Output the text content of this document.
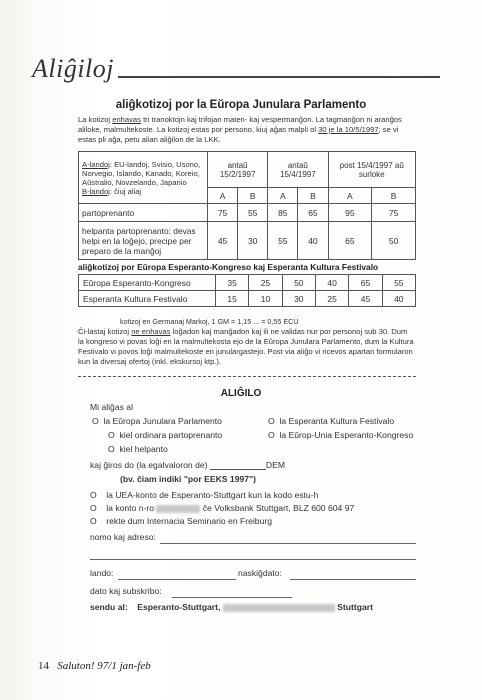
Aliĝiloj
aliĝkotizoj por la Eŭropa Junulara Parlamento
La kotizoj enhavas tri tranoktojn kaj trifojan maten- kaj vespermanĝon. La tagmanĝon ni aranĝos aliloke, malmultekoste. La kotizoj estas por persono, kiuj aĝas malpli ol 30 je la 10/5/1997; se vi estas pli aĝa, petu alian aliĝilon de la LKK.
A-landoj: EU-landoj, Svisio, Usono, Norvegio, Islando, Kanado, Koreio, Aŭstralio, Novzelando, Japanio
B-landoj: ĉiuj aliaj	antaŭ 15/2/1997		antaŭ 15/4/1997		post 15/4/1997 aŭ surloke	
	A	B	A	B	A	B
partoprenanto	75	55	85	65	95	75
helpanta partoprenanto: devas helpi en la loĝejo, precipe per preparo de la manĝoj	45	30	55	40	65	50
aliĝkotizoj por Eŭropa Esperanto-Kongreso kaj Esperanta Kultura Festivalo
Eŭropa Esperanto-Kongreso	35	25	50	40	65	55
Esperanta Kultura Festivalo	15	10	30	25	45	40
kotizoj en Germanaj Markoj, 1 GM = 1,15 ... = 0,55 ECU
Ĉi-lastaj kotizoj ne enhavas loĝadon kaj manĝadon kaj ili ne validas nur por personoj sub 30. Dum la kongreso vi povas loĝi en la malmultekosta ejo de la Eŭropa Junulara Parlamento, dum la Kultura Festivalo vi povos loĝi malmultekoste en junulargastejo. Post via aliĝo vi ricevos apartan formularon kun la diversaj ofertoj (inkl. ekskursoj ktp.).
ALIĜILO
Mi aliĝas al
O la Eŭropa Junulara Parlamento	O la Esperanta Kultura Festivalo
O kiel ordinara partoprenanto	O la Eŭrop-Unia Esperanto-Kongreso
O kiel helpanto
kaj ĝiros do (la egalvaloron de)	DEM
(bv. ĉiam indiki "por EEKS 1997")
O la UEA-konto de Esperanto-Stuttgart kun la kodo estu-h
O la konto n-ro	ĉe Volksbank Stuttgart, BLZ 600 604 97
O rekte dum Internacia Seminario en Freiburg
nomo kaj adreso:
lando:	naskiĝdato:
dato kaj subskribo:
sendu al: Esperanto-Stuttgart,	Stuttgart
14 Saluton! 97/1 jan-feb
